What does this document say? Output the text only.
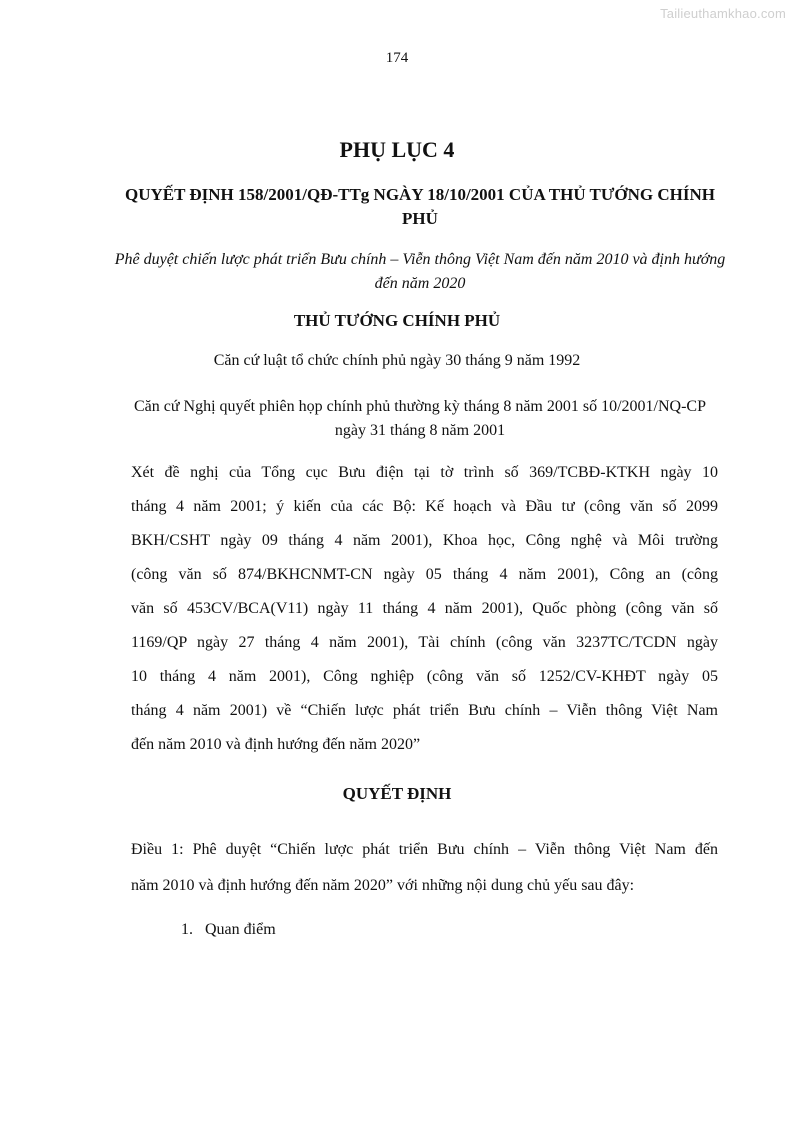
Tailieuthamkhao.com
174
PHỤ LỤC 4
QUYẾT ĐỊNH 158/2001/QĐ-TTg NGÀY 18/10/2001 CỦA THỦ TƯỚNG CHÍNH PHỦ
Phê duyệt chiến lược phát triển Bưu chính – Viễn thông Việt Nam đến năm 2010 và định hướng đến năm 2020
THỦ TƯỚNG CHÍNH PHỦ
Căn cứ luật tổ chức chính phủ ngày 30 tháng 9 năm 1992
Căn cứ Nghị quyết phiên họp chính phủ thường kỳ tháng 8 năm 2001 số 10/2001/NQ-CP ngày 31 tháng 8 năm 2001
Xét đề nghị của Tổng cục Bưu điện tại tờ trình số 369/TCBĐ-KTKH ngày 10
tháng 4 năm 2001; ý kiến của các Bộ: Kế hoạch và Đầu tư (công văn số 2099
BKH/CSHT ngày 09 tháng 4 năm 2001), Khoa học, Công nghệ và Môi trường
(công văn số 874/BKHCNMT-CN ngày 05 tháng 4 năm 2001), Công an (công
văn số 453CV/BCA(V11) ngày 11 tháng 4 năm 2001), Quốc phòng (công văn số
1169/QP ngày 27 tháng 4 năm 2001), Tài chính (công văn 3237TC/TCDN ngày
10 tháng 4 năm 2001), Công nghiệp (công văn số 1252/CV-KHĐT ngày 05
tháng 4 năm 2001) về “Chiến lược phát triển Bưu chính – Viễn thông Việt Nam
đến năm 2010 và định hướng đến năm 2020”
QUYẾT ĐỊNH
Điều 1: Phê duyệt “Chiến lược phát triển Bưu chính – Viễn thông Việt Nam đến
năm 2010 và định hướng đến năm 2020” với những nội dung chủ yếu sau đây:
1. Quan điểm
